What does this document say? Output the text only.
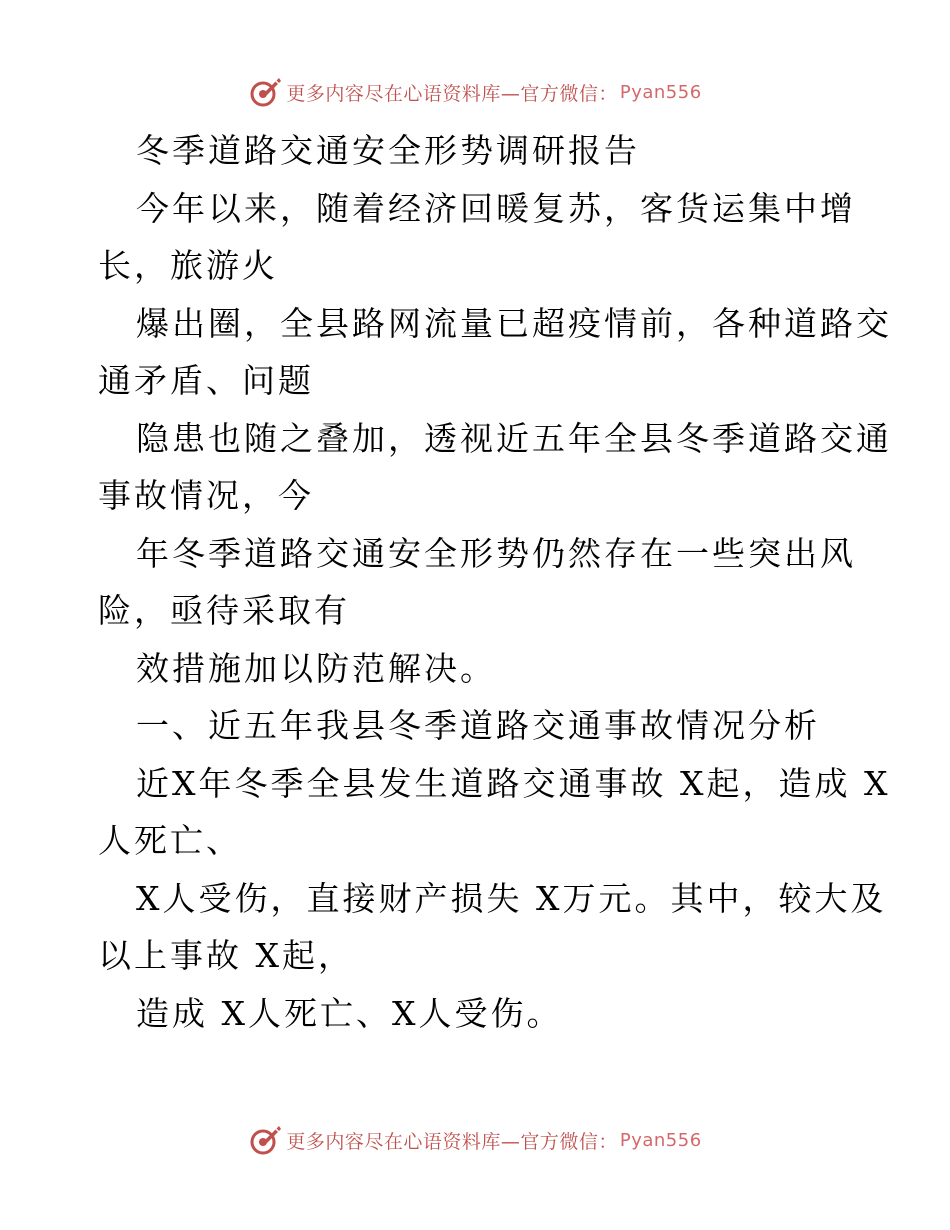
更多内容尽在心语资料库—官方微信： Pyan556
冬季道路交通安全形势调研报告
今年以来，随着经济回暖复苏，客货运集中增
长，旅游火
爆出圈，全县路网流量已超疫情前，各种道路交
通矛盾、问题
隐患也随之叠加，透视近五年全县冬季道路交通
事故情况，今
年冬季道路交通安全形势仍然存在一些突出风
险，亟待采取有
效措施加以防范解决。
一、近五年我县冬季道路交通事故情况分析
近X年冬季全县发生道路交通事故 X起，造成 X
人死亡、
X人受伤，直接财产损失 X万元。其中，较大及
以上事故 X起，
造成 X人死亡、X人受伤。
更多内容尽在心语资料库—官方微信： Pyan556
